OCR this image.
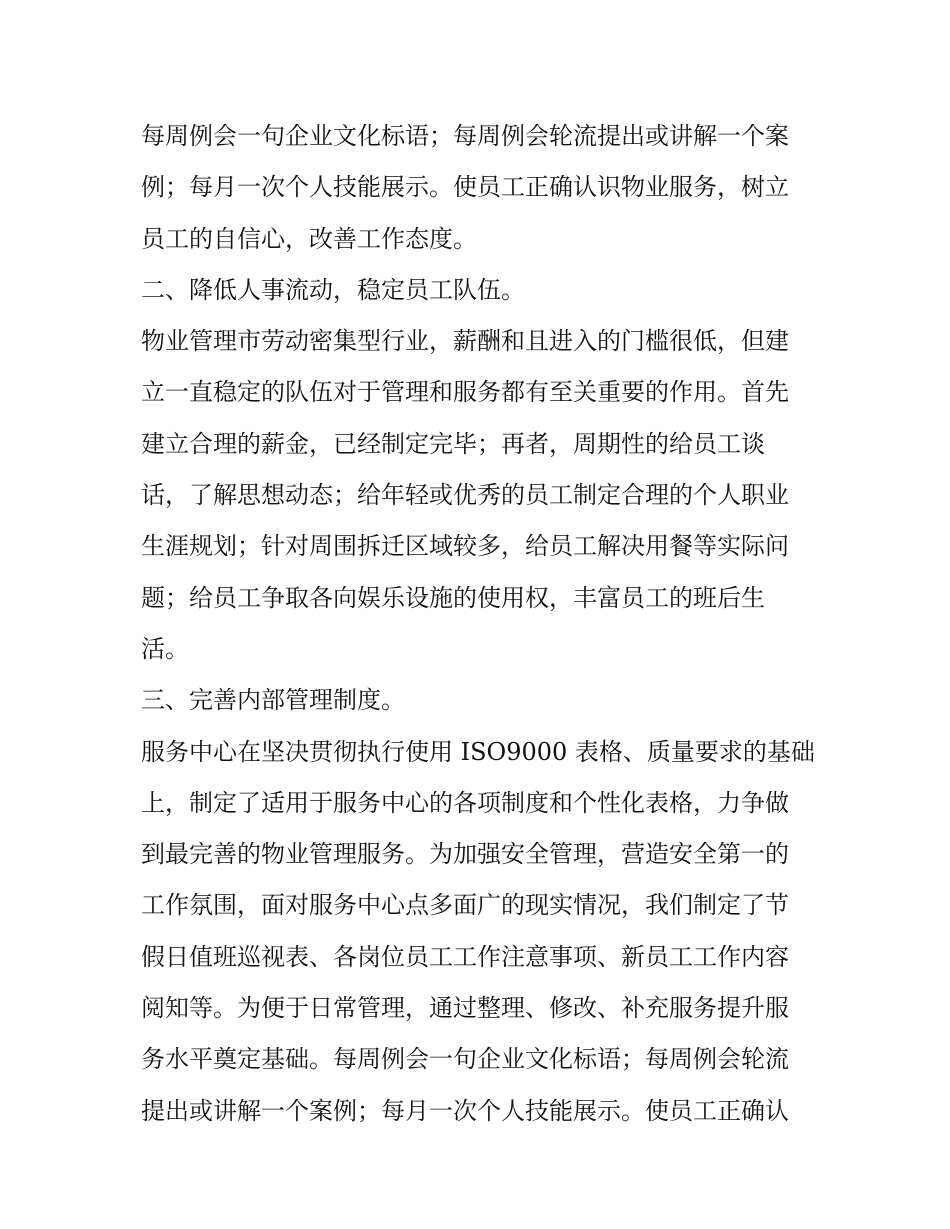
每周例会一句企业文化标语；每周例会轮流提出或讲解一个案
例；每月一次个人技能展示。使员工正确认识物业服务，树立
员工的自信心，改善工作态度。
二、降低人事流动，稳定员工队伍。
物业管理市劳动密集型行业，薪酬和且进入的门槛很低，但建
立一直稳定的队伍对于管理和服务都有至关重要的作用。首先
建立合理的薪金，已经制定完毕；再者，周期性的给员工谈
话，了解思想动态；给年轻或优秀的员工制定合理的个人职业
生涯规划；针对周围拆迁区域较多，给员工解决用餐等实际问
题；给员工争取各向娱乐设施的使用权，丰富员工的班后生
活。
三、完善内部管理制度。
服务中心在坚决贯彻执行使用 ISO9000 表格、质量要求的基础
上，制定了适用于服务中心的各项制度和个性化表格，力争做
到最完善的物业管理服务。为加强安全管理，营造安全第一的
工作氛围，面对服务中心点多面广的现实情况，我们制定了节
假日值班巡视表、各岗位员工工作注意事项、新员工工作内容
阅知等。为便于日常管理，通过整理、修改、补充服务提升服
务水平奠定基础。每周例会一句企业文化标语；每周例会轮流
提出或讲解一个案例；每月一次个人技能展示。使员工正确认
